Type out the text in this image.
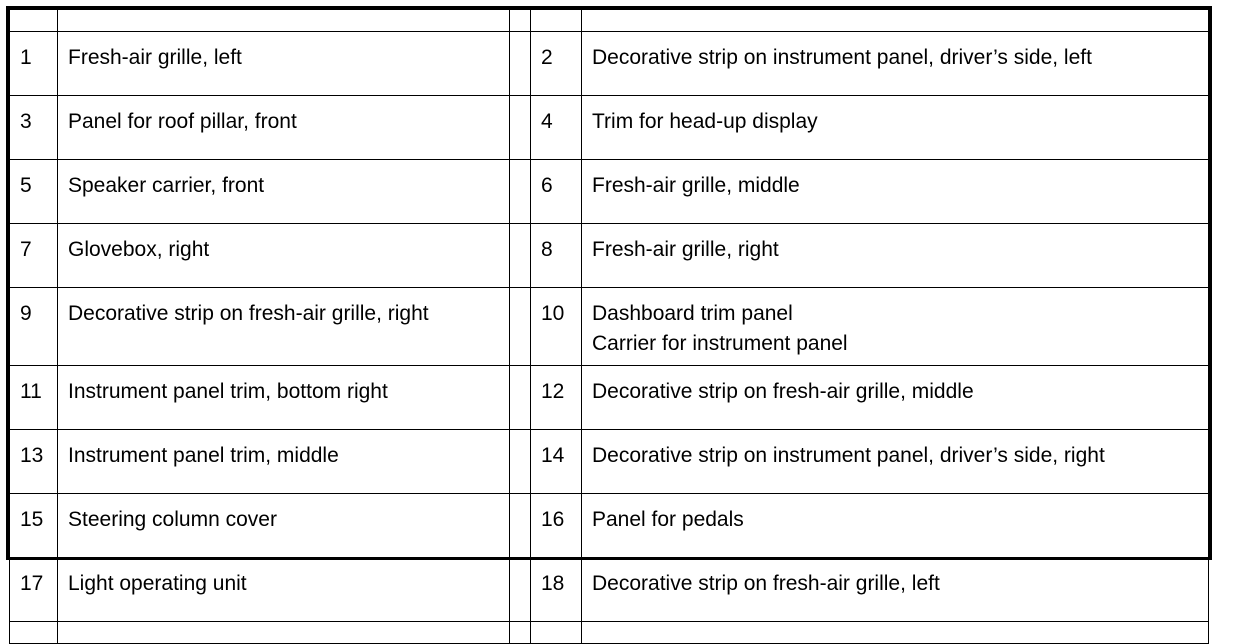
1	Fresh-air grille, left		2	Decorative strip on instrument panel, driver’s side, left

3	Panel for roof pillar, front		4	Trim for head-up display

5	Speaker carrier, front		6	Fresh-air grille, middle

7	Glovebox, right		8	Fresh-air grille, right

9	Decorative strip on fresh-air grille, right		10	Dashboard trim panel
Carrier for instrument panel

11	Instrument panel trim, bottom right		12	Decorative strip on fresh-air grille, middle

13	Instrument panel trim, middle		14	Decorative strip on instrument panel, driver’s side, right

15	Steering column cover		16	Panel for pedals

17	Light operating unit		18	Decorative strip on fresh-air grille, left
